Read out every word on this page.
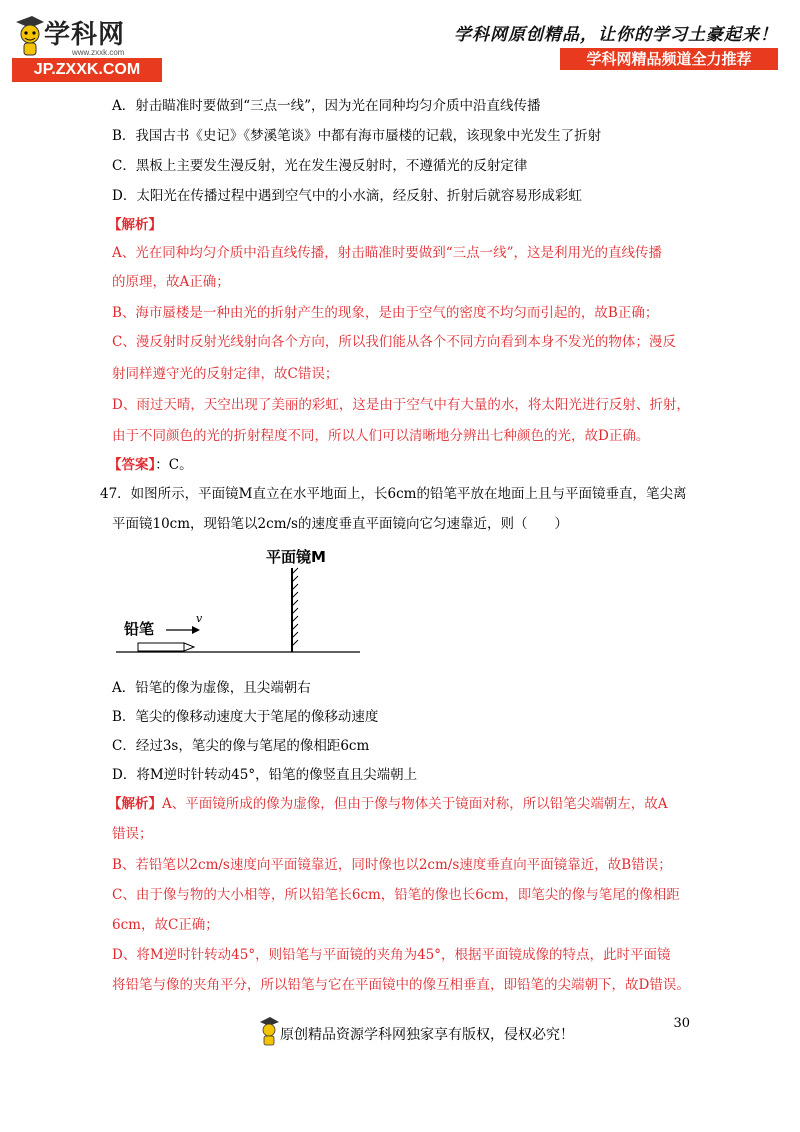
学科网
www.zxxk.com
JP.ZXXK.COM
学科网原创精品，让你的学习土豪起来！
学科网精品频道全力推荐
A．射击瞄准时要做到“三点一线”，因为光在同种均匀介质中沿直线传播
B．我国古书《史记》《梦溪笔谈》中都有海市蜃楼的记载，该现象中光发生了折射
C．黑板上主要发生漫反射，光在发生漫反射时，不遵循光的反射定律
D．太阳光在传播过程中遇到空气中的小水滴，经反射、折射后就容易形成彩虹
【解析】
A、光在同种均匀介质中沿直线传播，射击瞄准时要做到“三点一线”，这是利用光的直线传播
的原理，故A正确；
B、海市蜃楼是一种由光的折射产生的现象，是由于空气的密度不均匀而引起的，故B正确；
C、漫反射时反射光线射向各个方向，所以我们能从各个不同方向看到本身不发光的物体；漫反
射同样遵守光的反射定律，故C错误；
D、雨过天晴，天空出现了美丽的彩虹，这是由于空气中有大量的水，将太阳光进行反射、折射，
由于不同颜色的光的折射程度不同，所以人们可以清晰地分辨出七种颜色的光，故D正确。
【答案】：C。
47．如图所示，平面镜M直立在水平地面上，长6cm的铅笔平放在地面上且与平面镜垂直，笔尖离
平面镜10cm，现铅笔以2cm/s的速度垂直平面镜向它匀速靠近，则（　　）
平面镜M
铅笔
v
A．铅笔的像为虚像，且尖端朝右
B．笔尖的像移动速度大于笔尾的像移动速度
C．经过3s，笔尖的像与笔尾的像相距6cm
D．将M逆时针转动45°，铅笔的像竖直且尖端朝上
【解析】A、平面镜所成的像为虚像，但由于像与物体关于镜面对称，所以铅笔尖端朝左，故A
错误；
B、若铅笔以2cm/s速度向平面镜靠近，同时像也以2cm/s速度垂直向平面镜靠近，故B错误；
C、由于像与物的大小相等，所以铅笔长6cm，铅笔的像也长6cm，即笔尖的像与笔尾的像相距
6cm，故C正确；
D、将M逆时针转动45°，则铅笔与平面镜的夹角为45°，根据平面镜成像的特点，此时平面镜
将铅笔与像的夹角平分，所以铅笔与它在平面镜中的像互相垂直，即铅笔的尖端朝下，故D错误。
30
原创精品资源学科网独家享有版权，侵权必究！
